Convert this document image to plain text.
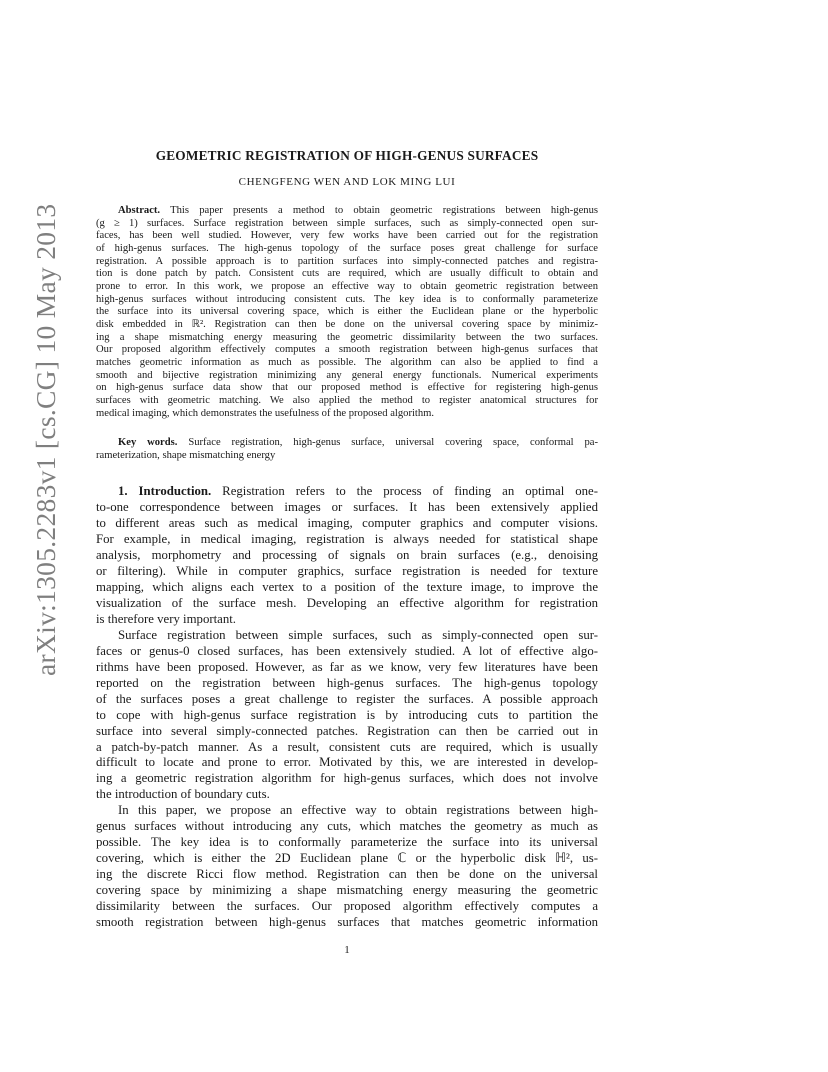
arXiv:1305.2283v1 [cs.CG] 10 May 2013
GEOMETRIC REGISTRATION OF HIGH-GENUS SURFACES
CHENGFENG WEN AND LOK MING LUI
Abstract. This paper presents a method to obtain geometric registrations between high-genus
(g ≥ 1) surfaces. Surface registration between simple surfaces, such as simply-connected open sur-
faces, has been well studied. However, very few works have been carried out for the registration
of high-genus surfaces. The high-genus topology of the surface poses great challenge for surface
registration. A possible approach is to partition surfaces into simply-connected patches and registra-
tion is done patch by patch. Consistent cuts are required, which are usually difficult to obtain and
prone to error. In this work, we propose an effective way to obtain geometric registration between
high-genus surfaces without introducing consistent cuts. The key idea is to conformally parameterize
the surface into its universal covering space, which is either the Euclidean plane or the hyperbolic
disk embedded in ℝ². Registration can then be done on the universal covering space by minimiz-
ing a shape mismatching energy measuring the geometric dissimilarity between the two surfaces.
Our proposed algorithm effectively computes a smooth registration between high-genus surfaces that
matches geometric information as much as possible. The algorithm can also be applied to find a
smooth and bijective registration minimizing any general energy functionals. Numerical experiments
on high-genus surface data show that our proposed method is effective for registering high-genus
surfaces with geometric matching. We also applied the method to register anatomical structures for
medical imaging, which demonstrates the usefulness of the proposed algorithm.
Key words. Surface registration, high-genus surface, universal covering space, conformal pa-
rameterization, shape mismatching energy
1. Introduction. Registration refers to the process of finding an optimal one-
to-one correspondence between images or surfaces. It has been extensively applied
to different areas such as medical imaging, computer graphics and computer visions.
For example, in medical imaging, registration is always needed for statistical shape
analysis, morphometry and processing of signals on brain surfaces (e.g., denoising
or filtering). While in computer graphics, surface registration is needed for texture
mapping, which aligns each vertex to a position of the texture image, to improve the
visualization of the surface mesh. Developing an effective algorithm for registration
is therefore very important.
Surface registration between simple surfaces, such as simply-connected open sur-
faces or genus-0 closed surfaces, has been extensively studied. A lot of effective algo-
rithms have been proposed. However, as far as we know, very few literatures have been
reported on the registration between high-genus surfaces. The high-genus topology
of the surfaces poses a great challenge to register the surfaces. A possible approach
to cope with high-genus surface registration is by introducing cuts to partition the
surface into several simply-connected patches. Registration can then be carried out in
a patch-by-patch manner. As a result, consistent cuts are required, which is usually
difficult to locate and prone to error. Motivated by this, we are interested in develop-
ing a geometric registration algorithm for high-genus surfaces, which does not involve
the introduction of boundary cuts.
In this paper, we propose an effective way to obtain registrations between high-
genus surfaces without introducing any cuts, which matches the geometry as much as
possible. The key idea is to conformally parameterize the surface into its universal
covering, which is either the 2D Euclidean plane ℂ or the hyperbolic disk ℍ², us-
ing the discrete Ricci flow method. Registration can then be done on the universal
covering space by minimizing a shape mismatching energy measuring the geometric
dissimilarity between the surfaces. Our proposed algorithm effectively computes a
smooth registration between high-genus surfaces that matches geometric information
1
